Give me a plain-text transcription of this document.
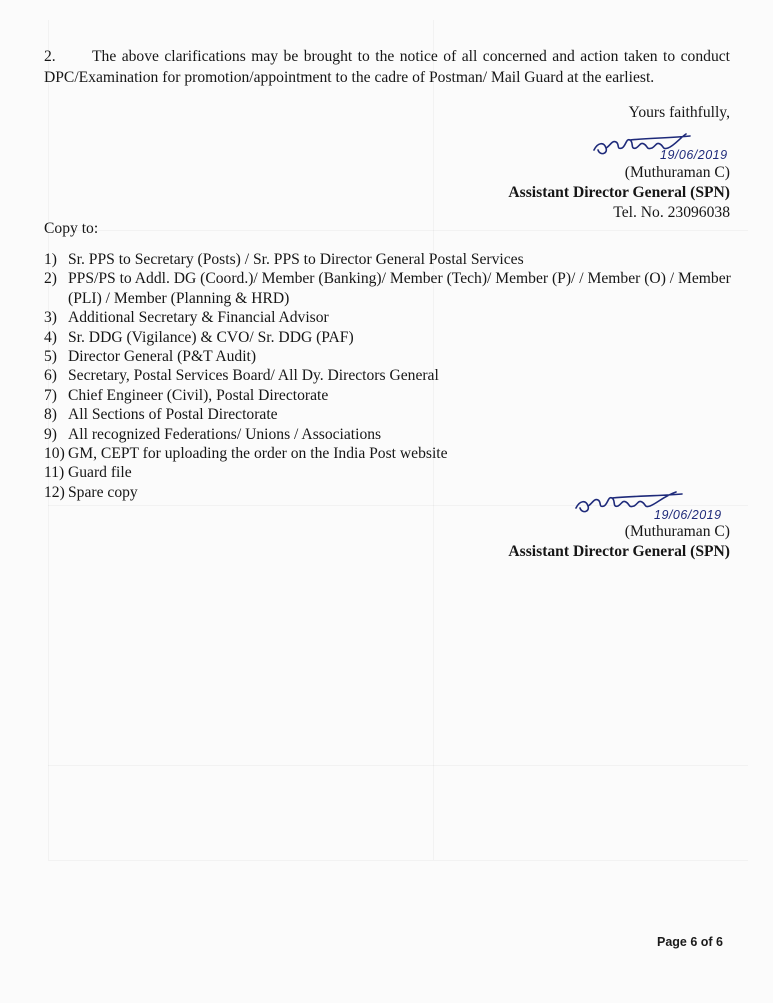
2. The above clarifications may be brought to the notice of all concerned and action taken to conduct DPC/Examination for promotion/appointment to the cadre of Postman/ Mail Guard at the earliest.
Yours faithfully,
19/06/2019
(Muthuraman C)
Assistant Director General (SPN)
Tel. No. 23096038
Copy to:
1) Sr. PPS to Secretary (Posts) / Sr. PPS to Director General Postal Services
2) PPS/PS to Addl. DG (Coord.)/ Member (Banking)/ Member (Tech)/ Member (P)/ / Member (O) / Member (PLI) / Member (Planning & HRD)
3) Additional Secretary & Financial Advisor
4) Sr. DDG (Vigilance) & CVO/ Sr. DDG (PAF)
5) Director General (P&T Audit)
6) Secretary, Postal Services Board/ All Dy. Directors General
7) Chief Engineer (Civil), Postal Directorate
8) All Sections of Postal Directorate
9) All recognized Federations/ Unions / Associations
10) GM, CEPT for uploading the order on the India Post website
11) Guard file
12) Spare copy
19/06/2019
(Muthuraman C)
Assistant Director General (SPN)
Page 6 of 6
